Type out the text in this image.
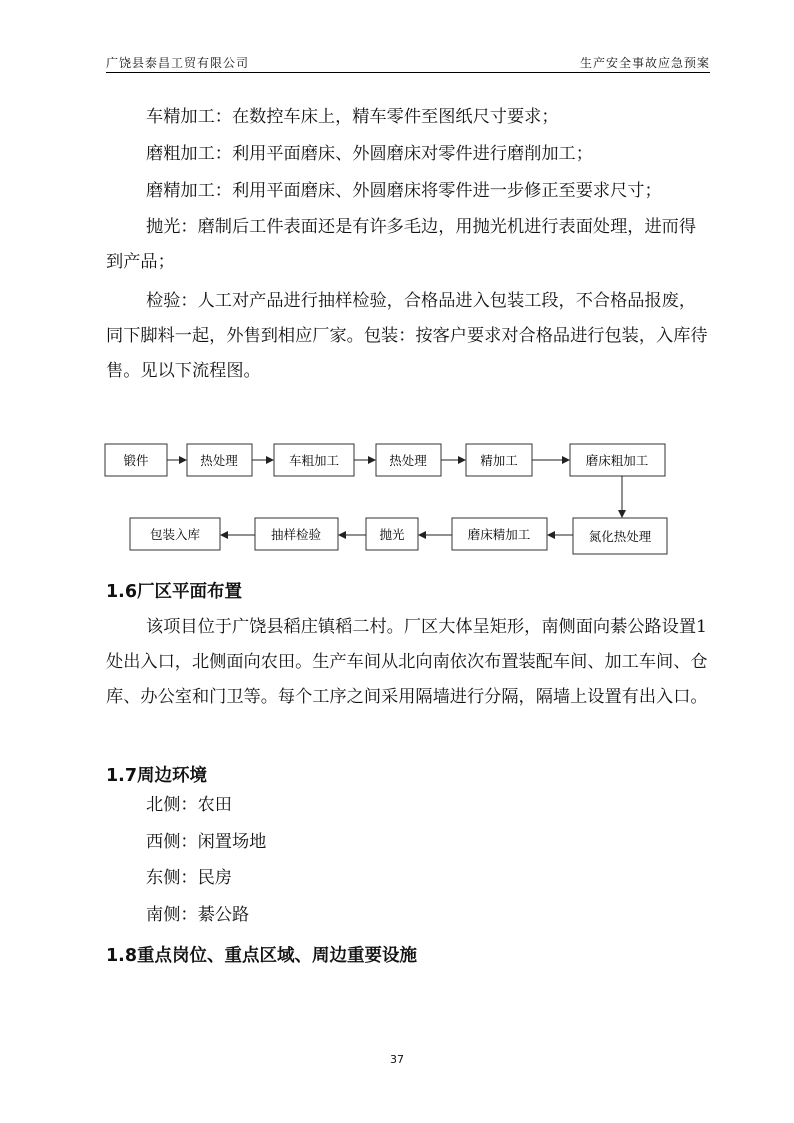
广饶县泰昌工贸有限公司	生产安全事故应急预案

车精加工：在数控车床上，精车零件至图纸尺寸要求；

磨粗加工：利用平面磨床、外圆磨床对零件进行磨削加工；

磨精加工：利用平面磨床、外圆磨床将零件进一步修正至要求尺寸；

抛光：磨制后工件表面还是有许多毛边，用抛光机进行表面处理，进而得到产品；

检验：人工对产品进行抽样检验，合格品进入包装工段，不合格品报废，同下脚料一起，外售到相应厂家。包装：按客户要求对合格品进行包装，入库待售。见以下流程图。

锻件	热处理	车粗加工	热处理	精加工	磨床粗加工
氮化热处理
磨床精加工
抛光
抽样检验
包装入库
1.6厂区平面布置

该项目位于广饶县稻庄镇稻二村。厂区大体呈矩形，南侧面向綦公路设置1处出入口，北侧面向农田。生产车间从北向南依次布置装配车间、加工车间、仓库、办公室和门卫等。每个工序之间采用隔墙进行分隔，隔墙上设置有出入口。

1.7周边环境

北侧：农田

西侧：闲置场地

东侧：民房

南侧：綦公路

1.8重点岗位、重点区域、周边重要设施
37
